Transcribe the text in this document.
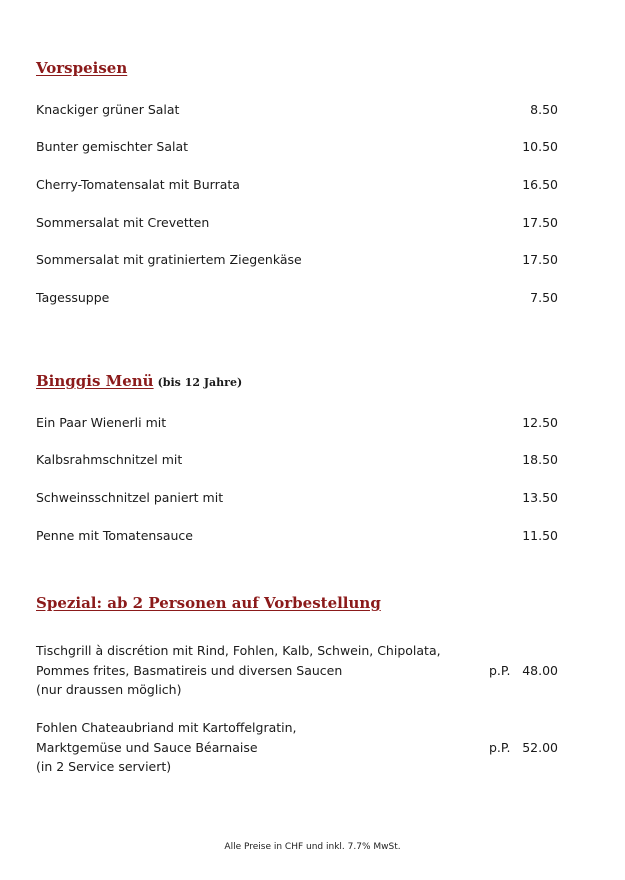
Vorspeisen
Knackiger grüner Salat	8.50
Bunter gemischter Salat	10.50
Cherry-Tomatensalat mit Burrata	16.50
Sommersalat mit Crevetten	17.50
Sommersalat mit gratiniertem Ziegenkäse	17.50
Tagessuppe	7.50
Binggis Menü (bis 12 Jahre)
Ein Paar Wienerli mit	12.50
Kalbsrahmschnitzel mit	18.50
Schweinsschnitzel paniert mit	13.50
Penne mit Tomatensauce	11.50
Spezial: ab 2 Personen auf Vorbestellung
Tischgrill à discrétion mit Rind, Fohlen, Kalb, Schwein, Chipolata,
Pommes frites, Basmatireis und diversen Saucen
(nur draussen möglich)
p.P. 48.00
Fohlen Chateaubriand mit Kartoffelgratin,
Marktgemüse und Sauce Béarnaise
(in 2 Service serviert)
p.P. 52.00
Alle Preise in CHF und inkl. 7.7% MwSt.
